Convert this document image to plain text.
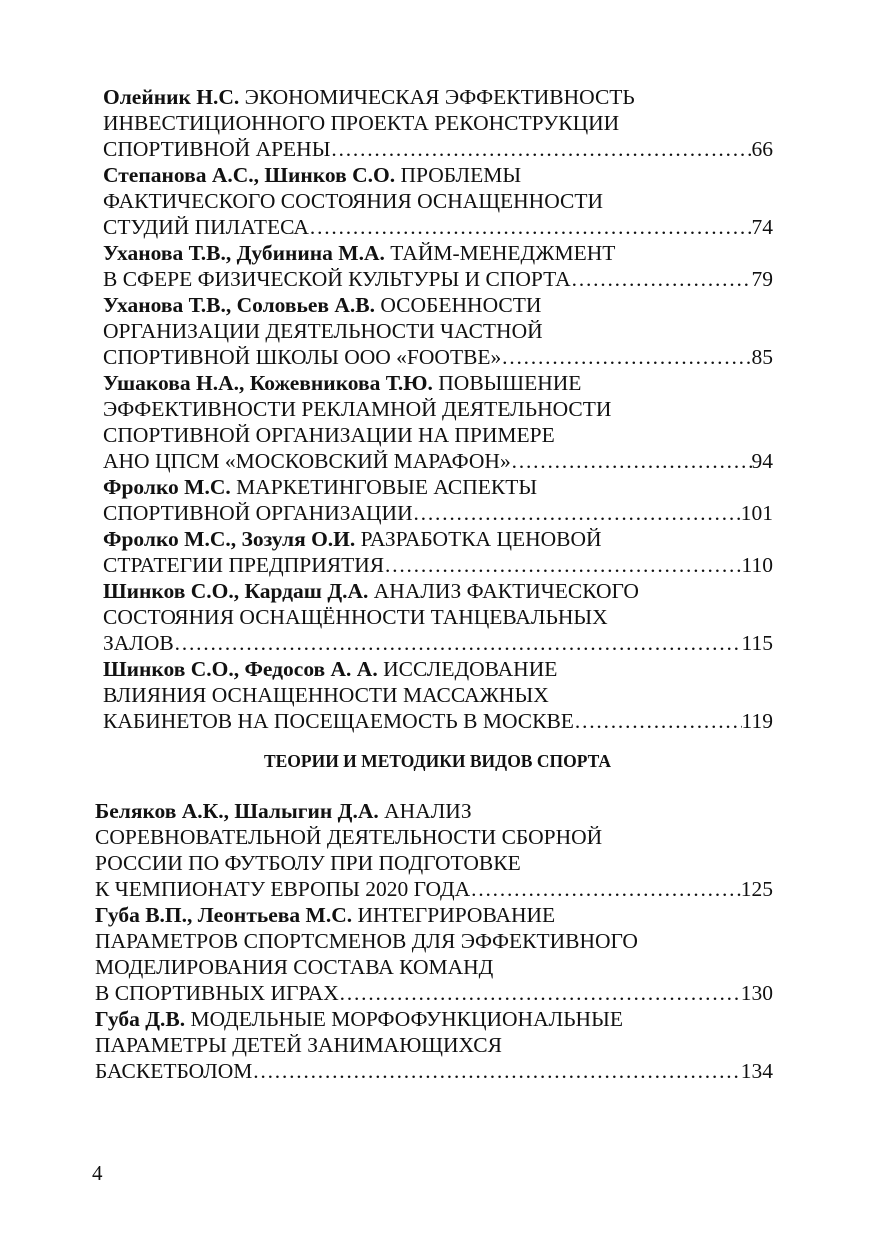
Олейник Н.С. ЭКОНОМИЧЕСКАЯ ЭФФЕКТИВНОСТЬ
ИНВЕСТИЦИОННОГО ПРОЕКТА РЕКОНСТРУКЦИИ
СПОРТИВНОЙ АРЕНЫ ………………………………………………………………………………………………………………………………………………	66
Степанова А.С., Шинков С.О. ПРОБЛЕМЫ
ФАКТИЧЕСКОГО СОСТОЯНИЯ ОСНАЩЕННОСТИ
СТУДИЙ ПИЛАТЕСА ………………………………………………………………………………………………………………………………………………	74
Уханова Т.В., Дубинина М.А. ТАЙМ-МЕНЕДЖМЕНТ
В СФЕРЕ ФИЗИЧЕСКОЙ КУЛЬТУРЫ И СПОРТА ………………………………………………………………………………………………………………………………………………	79
Уханова Т.В., Соловьев А.В. ОСОБЕННОСТИ
ОРГАНИЗАЦИИ ДЕЯТЕЛЬНОСТИ ЧАСТНОЙ
СПОРТИВНОЙ ШКОЛЫ ООО «FOOTBE» ………………………………………………………………………………………………………………………………………………	85
Ушакова Н.А., Кожевникова Т.Ю. ПОВЫШЕНИЕ
ЭФФЕКТИВНОСТИ РЕКЛАМНОЙ ДЕЯТЕЛЬНОСТИ
СПОРТИВНОЙ ОРГАНИЗАЦИИ НА ПРИМЕРЕ
АНО ЦПСМ «МОСКОВСКИЙ МАРАФОН» ………………………………………………………………………………………………………………………………………………	94
Фролко М.С. МАРКЕТИНГОВЫЕ АСПЕКТЫ
СПОРТИВНОЙ ОРГАНИЗАЦИИ ………………………………………………………………………………………………………………………………………………	101
Фролко М.С., Зозуля О.И. РАЗРАБОТКА ЦЕНОВОЙ
СТРАТЕГИИ ПРЕДПРИЯТИЯ ………………………………………………………………………………………………………………………………………………	110
Шинков С.О., Кардаш Д.А. АНАЛИЗ ФАКТИЧЕСКОГО
СОСТОЯНИЯ ОСНАЩЁННОСТИ ТАНЦЕВАЛЬНЫХ
ЗАЛОВ ………………………………………………………………………………………………………………………………………………	115
Шинков С.О., Федосов А. А. ИССЛЕДОВАНИЕ
ВЛИЯНИЯ ОСНАЩЕННОСТИ МАССАЖНЫХ
КАБИНЕТОВ НА ПОСЕЩАЕМОСТЬ В МОСКВЕ ………………………………………………………………………………………………………………………………………………	119
ТЕОРИИ И МЕТОДИКИ ВИДОВ СПОРТА
Беляков А.К., Шалыгин Д.А. АНАЛИЗ
СОРЕВНОВАТЕЛЬНОЙ ДЕЯТЕЛЬНОСТИ СБОРНОЙ
РОССИИ ПО ФУТБОЛУ ПРИ ПОДГОТОВКЕ
К ЧЕМПИОНАТУ ЕВРОПЫ 2020 ГОДА ………………………………………………………………………………………………………………………………………………	125
Губа В.П., Леонтьева М.С. ИНТЕГРИРОВАНИЕ
ПАРАМЕТРОВ СПОРТСМЕНОВ ДЛЯ ЭФФЕКТИВНОГО
МОДЕЛИРОВАНИЯ СОСТАВА КОМАНД
В СПОРТИВНЫХ ИГРАХ ………………………………………………………………………………………………………………………………………………	130
Губа Д.В. МОДЕЛЬНЫЕ МОРФОФУНКЦИОНАЛЬНЫЕ
ПАРАМЕТРЫ ДЕТЕЙ ЗАНИМАЮЩИХСЯ
БАСКЕТБОЛОМ ………………………………………………………………………………………………………………………………………………	134
4
